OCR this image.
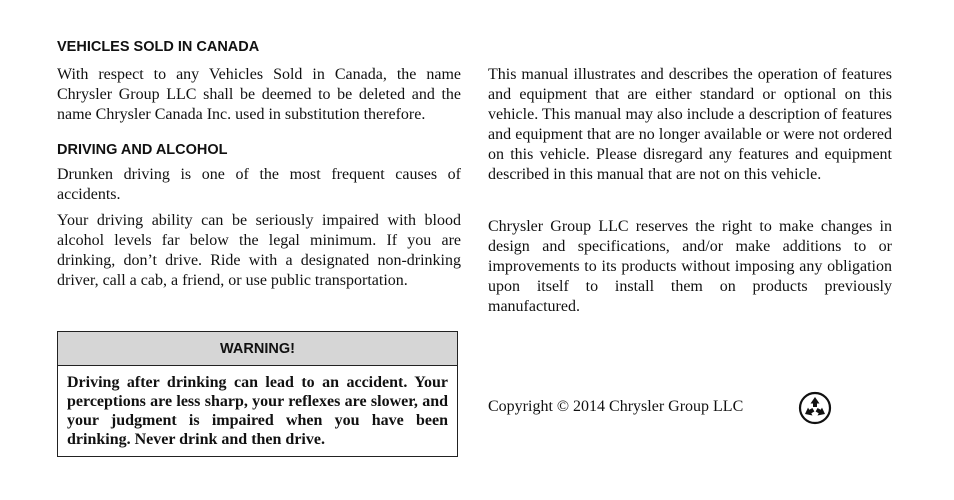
VEHICLES SOLD IN CANADA

With respect to any Vehicles Sold in Canada, the name Chrysler Group LLC shall be deemed to be deleted and the name Chrysler Canada Inc. used in substitution therefore.

DRIVING AND ALCOHOL

Drunken driving is one of the most frequent causes of accidents.

Your driving ability can be seriously impaired with blood alcohol levels far below the legal minimum. If you are drinking, don’t drive. Ride with a designated non-drinking driver, call a cab, a friend, or use public transportation.

WARNING!

Driving after drinking can lead to an accident. Your perceptions are less sharp, your reflexes are slower, and your judgment is impaired when you have been drinking. Never drink and then drive.

This manual illustrates and describes the operation of features and equipment that are either standard or optional on this vehicle. This manual may also include a description of features and equipment that are no longer available or were not ordered on this vehicle. Please disregard any features and equipment described in this manual that are not on this vehicle.

Chrysler Group LLC reserves the right to make changes in design and specifications, and/or make additions to or improvements to its products without imposing any obligation upon itself to install them on products previously manufactured.

Copyright © 2014 Chrysler Group LLC
